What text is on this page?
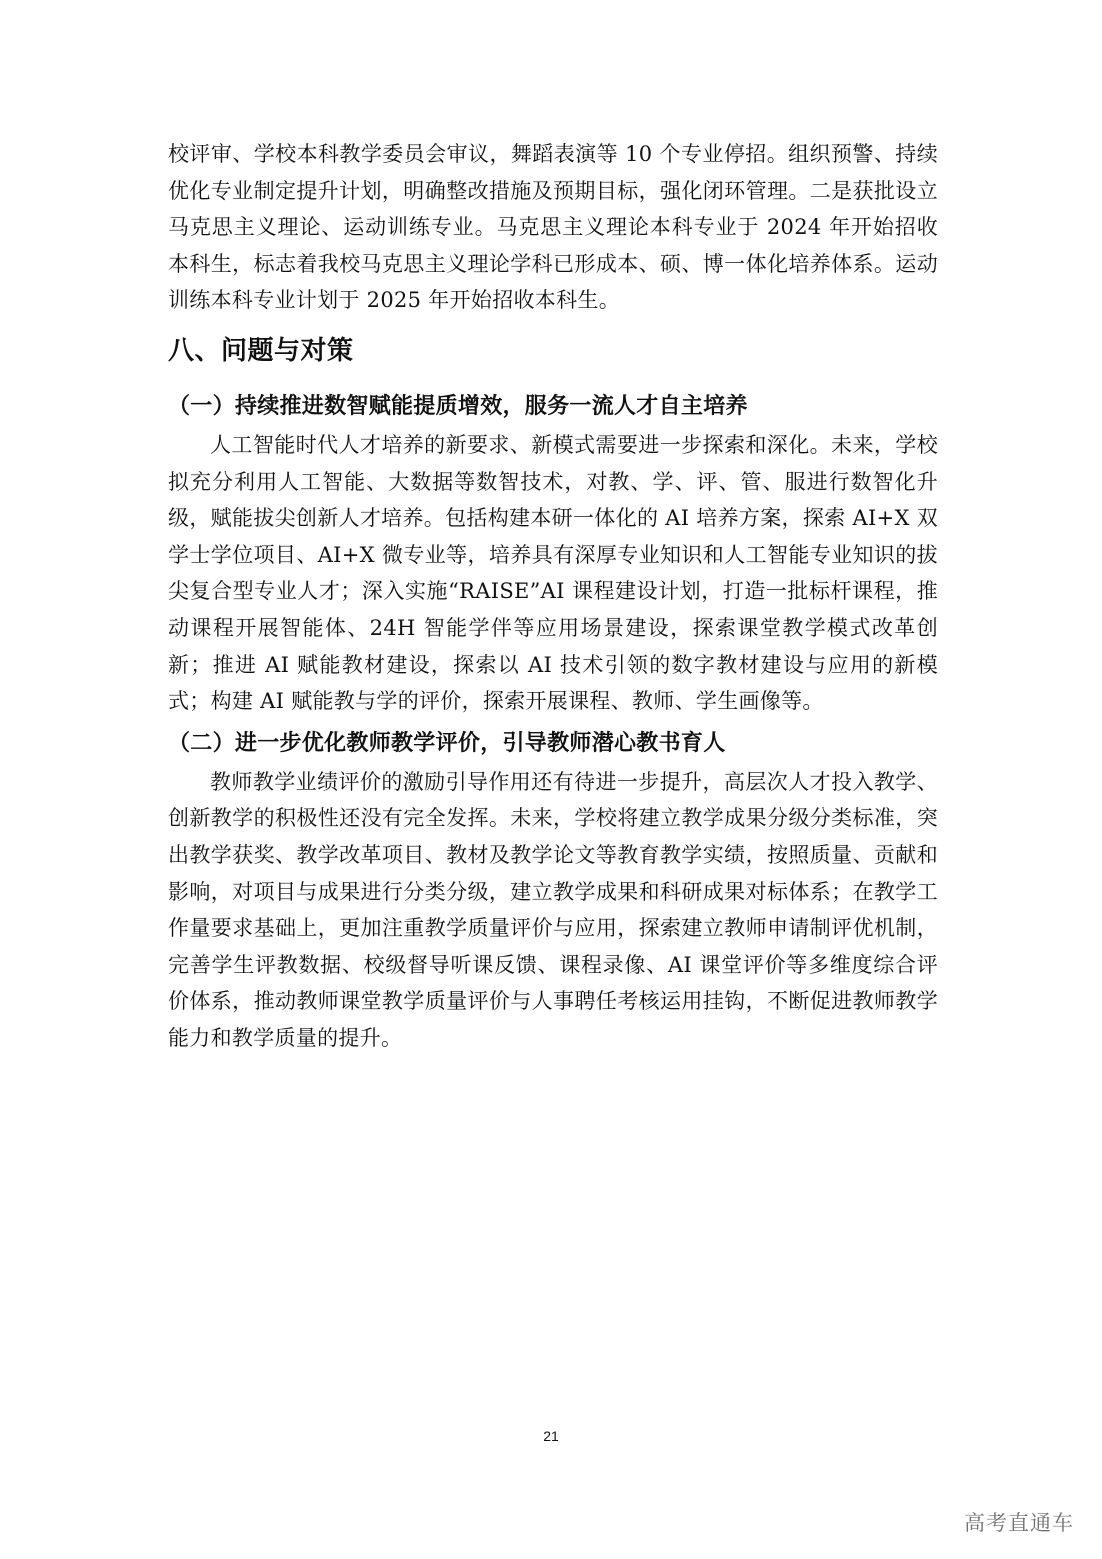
校评审、学校本科教学委员会审议，舞蹈表演等 10 个专业停招。组织预警、持续优化专业制定提升计划，明确整改措施及预期目标，强化闭环管理。二是获批设立马克思主义理论、运动训练专业。马克思主义理论本科专业于 2024 年开始招收本科生，标志着我校马克思主义理论学科已形成本、硕、博一体化培养体系。运动训练本科专业计划于 2025 年开始招收本科生。

八、问题与对策
（一）持续推进数智赋能提质增效，服务一流人才自主培养

人工智能时代人才培养的新要求、新模式需要进一步探索和深化。未来，学校拟充分利用人工智能、大数据等数智技术，对教、学、评、管、服进行数智化升级，赋能拔尖创新人才培养。包括构建本研一体化的 AI 培养方案，探索 AI+X 双学士学位项目、AI+X 微专业等，培养具有深厚专业知识和人工智能专业知识的拔尖复合型专业人才；深入实施“RAISE”AI 课程建设计划，打造一批标杆课程，推动课程开展智能体、24H 智能学伴等应用场景建设，探索课堂教学模式改革创新；推进 AI 赋能教材建设，探索以 AI 技术引领的数字教材建设与应用的新模式；构建 AI 赋能教与学的评价，探索开展课程、教师、学生画像等。

（二）进一步优化教师教学评价，引导教师潜心教书育人

教师教学业绩评价的激励引导作用还有待进一步提升，高层次人才投入教学、创新教学的积极性还没有完全发挥。未来，学校将建立教学成果分级分类标准，突出教学获奖、教学改革项目、教材及教学论文等教育教学实绩，按照质量、贡献和影响，对项目与成果进行分类分级，建立教学成果和科研成果对标体系；在教学工作量要求基础上，更加注重教学质量评价与应用，探索建立教师申请制评优机制，完善学生评教数据、校级督导听课反馈、课程录像、AI 课堂评价等多维度综合评价体系，推动教师课堂教学质量评价与人事聘任考核运用挂钩，不断促进教师教学能力和教学质量的提升。

21
高考直通车
